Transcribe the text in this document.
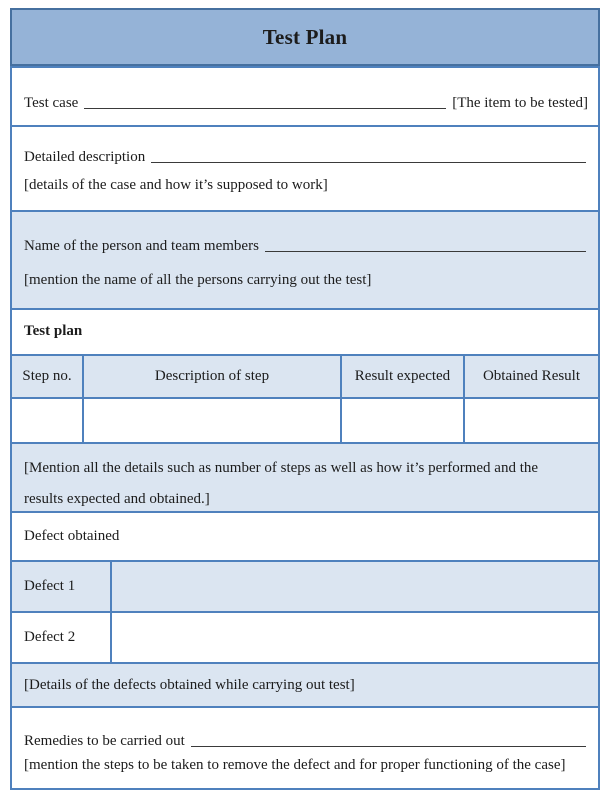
Test Plan
Test case	[The item to be tested]
Detailed description
[details of the case and how it’s supposed to work]
Name of the person and team members
[mention the name of all the persons carrying out the test]
Test plan
Step no.	Description of step	Result expected	Obtained Result
[Mention all the details such as number of steps as well as how it’s performed and the results expected and obtained.]
Defect obtained
Defect 1
Defect 2
[Details of the defects obtained while carrying out test]
Remedies to be carried out
[mention the steps to be taken to remove the defect and for proper functioning of the case]
